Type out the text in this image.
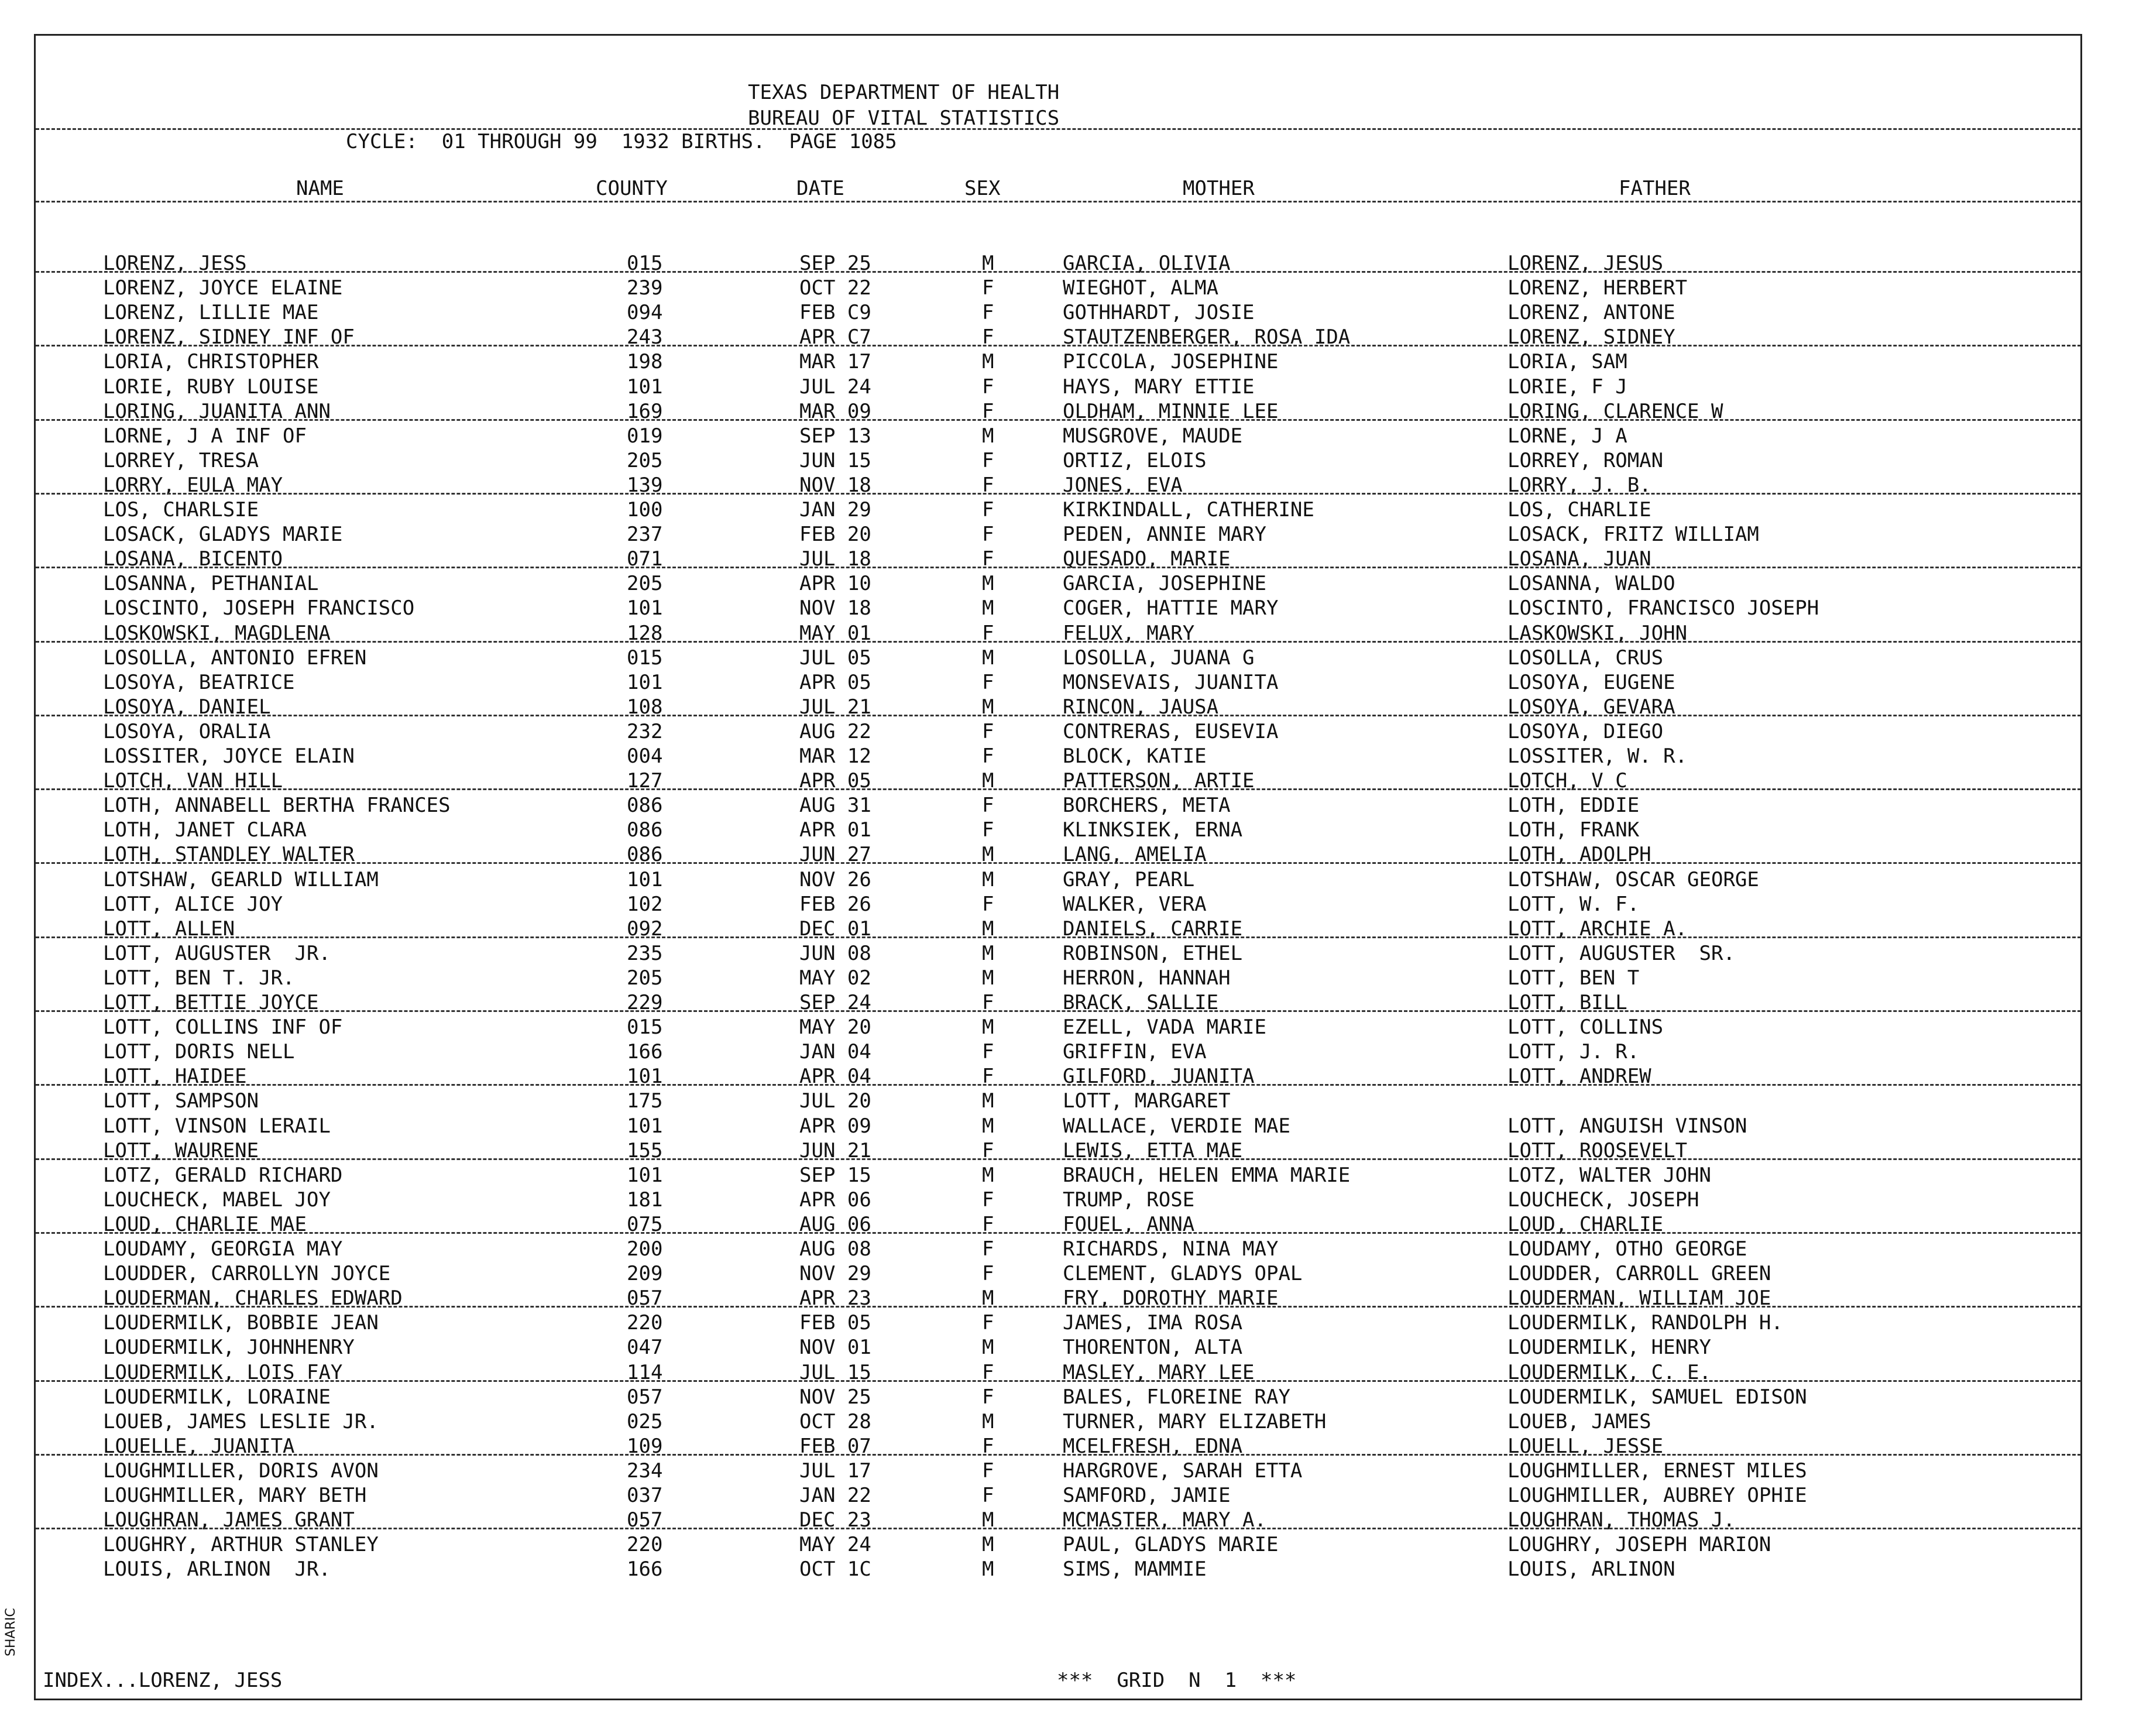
TEXAS DEPARTMENT OF HEALTH
BUREAU OF VITAL STATISTICS
CYCLE:  01 THROUGH 99  1932 BIRTHS.  PAGE 1085
NAME	COUNTY	DATE	SEX	MOTHER	FATHER
LORENZ, JESS	015	SEP 25	M	GARCIA, OLIVIA	LORENZ, JESUS
LORENZ, JOYCE ELAINE	239	OCT 22	F	WIEGHOT, ALMA	LORENZ, HERBERT
LORENZ, LILLIE MAE	094	FEB C9	F	GOTHHARDT, JOSIE	LORENZ, ANTONE
LORENZ, SIDNEY INF OF	243	APR C7	F	STAUTZENBERGER, ROSA IDA	LORENZ, SIDNEY
LORIA, CHRISTOPHER	198	MAR 17	M	PICCOLA, JOSEPHINE	LORIA, SAM
LORIE, RUBY LOUISE	101	JUL 24	F	HAYS, MARY ETTIE	LORIE, F J
LORING, JUANITA ANN	169	MAR 09	F	OLDHAM, MINNIE LEE	LORING, CLARENCE W
LORNE, J A INF OF	019	SEP 13	M	MUSGROVE, MAUDE	LORNE, J A
LORREY, TRESA	205	JUN 15	F	ORTIZ, ELOIS	LORREY, ROMAN
LORRY, EULA MAY	139	NOV 18	F	JONES, EVA	LORRY, J. B.
LOS, CHARLSIE	100	JAN 29	F	KIRKINDALL, CATHERINE	LOS, CHARLIE
LOSACK, GLADYS MARIE	237	FEB 20	F	PEDEN, ANNIE MARY	LOSACK, FRITZ WILLIAM
LOSANA, BICENTO	071	JUL 18	F	QUESADO, MARIE	LOSANA, JUAN
LOSANNA, PETHANIAL	205	APR 10	M	GARCIA, JOSEPHINE	LOSANNA, WALDO
LOSCINTO, JOSEPH FRANCISCO	101	NOV 18	M	COGER, HATTIE MARY	LOSCINTO, FRANCISCO JOSEPH
LOSKOWSKI, MAGDLENA	128	MAY 01	F	FELUX, MARY	LASKOWSKI, JOHN
LOSOLLA, ANTONIO EFREN	015	JUL 05	M	LOSOLLA, JUANA G	LOSOLLA, CRUS
LOSOYA, BEATRICE	101	APR 05	F	MONSEVAIS, JUANITA	LOSOYA, EUGENE
LOSOYA, DANIEL	108	JUL 21	M	RINCON, JAUSA	LOSOYA, GEVARA
LOSOYA, ORALIA	232	AUG 22	F	CONTRERAS, EUSEVIA	LOSOYA, DIEGO
LOSSITER, JOYCE ELAIN	004	MAR 12	F	BLOCK, KATIE	LOSSITER, W. R.
LOTCH, VAN HILL	127	APR 05	M	PATTERSON, ARTIE	LOTCH, V C
LOTH, ANNABELL BERTHA FRANCES	086	AUG 31	F	BORCHERS, META	LOTH, EDDIE
LOTH, JANET CLARA	086	APR 01	F	KLINKSIEK, ERNA	LOTH, FRANK
LOTH, STANDLEY WALTER	086	JUN 27	M	LANG, AMELIA	LOTH, ADOLPH
LOTSHAW, GEARLD WILLIAM	101	NOV 26	M	GRAY, PEARL	LOTSHAW, OSCAR GEORGE
LOTT, ALICE JOY	102	FEB 26	F	WALKER, VERA	LOTT, W. F.
LOTT, ALLEN	092	DEC 01	M	DANIELS, CARRIE	LOTT, ARCHIE A.
LOTT, AUGUSTER  JR.	235	JUN 08	M	ROBINSON, ETHEL	LOTT, AUGUSTER  SR.
LOTT, BEN T. JR.	205	MAY 02	M	HERRON, HANNAH	LOTT, BEN T
LOTT, BETTIE JOYCE	229	SEP 24	F	BRACK, SALLIE	LOTT, BILL
LOTT, COLLINS INF OF	015	MAY 20	M	EZELL, VADA MARIE	LOTT, COLLINS
LOTT, DORIS NELL	166	JAN 04	F	GRIFFIN, EVA	LOTT, J. R.
LOTT, HAIDEE	101	APR 04	F	GILFORD, JUANITA	LOTT, ANDREW
LOTT, SAMPSON	175	JUL 20	M	LOTT, MARGARET
LOTT, VINSON LERAIL	101	APR 09	M	WALLACE, VERDIE MAE	LOTT, ANGUISH VINSON
LOTT, WAURENE	155	JUN 21	F	LEWIS, ETTA MAE	LOTT, ROOSEVELT
LOTZ, GERALD RICHARD	101	SEP 15	M	BRAUCH, HELEN EMMA MARIE	LOTZ, WALTER JOHN
LOUCHECK, MABEL JOY	181	APR 06	F	TRUMP, ROSE	LOUCHECK, JOSEPH
LOUD, CHARLIE MAE	075	AUG 06	F	FOUEL, ANNA	LOUD, CHARLIE
LOUDAMY, GEORGIA MAY	200	AUG 08	F	RICHARDS, NINA MAY	LOUDAMY, OTHO GEORGE
LOUDDER, CARROLLYN JOYCE	209	NOV 29	F	CLEMENT, GLADYS OPAL	LOUDDER, CARROLL GREEN
LOUDERMAN, CHARLES EDWARD	057	APR 23	M	FRY, DOROTHY MARIE	LOUDERMAN, WILLIAM JOE
LOUDERMILK, BOBBIE JEAN	220	FEB 05	F	JAMES, IMA ROSA	LOUDERMILK, RANDOLPH H.
LOUDERMILK, JOHNHENRY	047	NOV 01	M	THORENTON, ALTA	LOUDERMILK, HENRY
LOUDERMILK, LOIS FAY	114	JUL 15	F	MASLEY, MARY LEE	LOUDERMILK, C. E.
LOUDERMILK, LORAINE	057	NOV 25	F	BALES, FLOREINE RAY	LOUDERMILK, SAMUEL EDISON
LOUEB, JAMES LESLIE JR.	025	OCT 28	M	TURNER, MARY ELIZABETH	LOUEB, JAMES
LOUELLE, JUANITA	109	FEB 07	F	MCELFRESH, EDNA	LOUELL, JESSE
LOUGHMILLER, DORIS AVON	234	JUL 17	F	HARGROVE, SARAH ETTA	LOUGHMILLER, ERNEST MILES
LOUGHMILLER, MARY BETH	037	JAN 22	F	SAMFORD, JAMIE	LOUGHMILLER, AUBREY OPHIE
LOUGHRAN, JAMES GRANT	057	DEC 23	M	MCMASTER, MARY A.	LOUGHRAN, THOMAS J.
LOUGHRY, ARTHUR STANLEY	220	MAY 24	M	PAUL, GLADYS MARIE	LOUGHRY, JOSEPH MARION
LOUIS, ARLINON  JR.	166	OCT 1C	M	SIMS, MAMMIE	LOUIS, ARLINON
INDEX...LORENZ, JESS	***  GRID  N  1  ***
SHARIC
